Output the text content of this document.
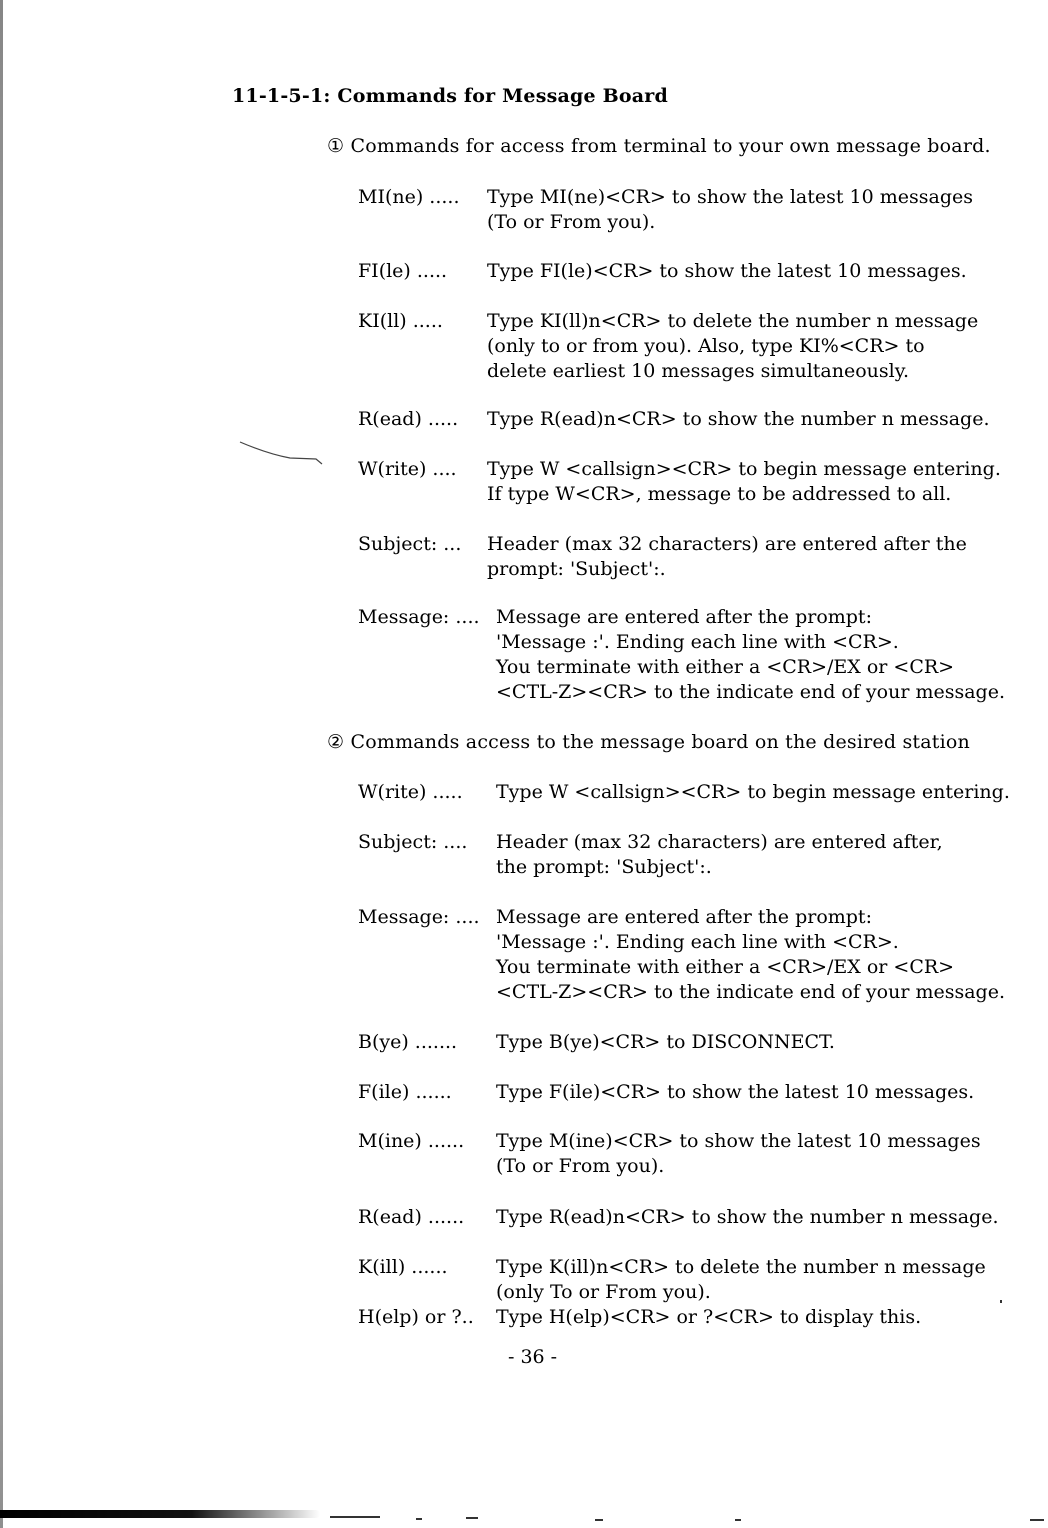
11-1-5-1: Commands for Message Board
① Commands for access from terminal to your own message board.
MI(ne) ..... Type MI(ne)<CR> to show the latest 10 messages
(To or From you).
FI(le) ..... Type FI(le)<CR> to show the latest 10 messages.
KI(ll) ..... Type KI(ll)n<CR> to delete the number n message
(only to or from you). Also, type KI%<CR> to
delete earliest 10 messages simultaneously.
R(ead) ..... Type R(ead)n<CR> to show the number n message.
W(rite) .... Type W <callsign><CR> to begin message entering.
If type W<CR>, message to be addressed to all.
Subject: ... Header (max 32 characters) are entered after the
prompt: 'Subject':.
Message: .... Message are entered after the prompt:
'Message :'. Ending each line with <CR>.
You terminate with either a <CR>/EX or <CR>
<CTL-Z><CR> to the indicate end of your message.
② Commands access to the message board on the desired station
W(rite) ..... Type W <callsign><CR> to begin message entering.
Subject: .... Header (max 32 characters) are entered after,
the prompt: 'Subject':.
Message: .... Message are entered after the prompt:
'Message :'. Ending each line with <CR>.
You terminate with either a <CR>/EX or <CR>
<CTL-Z><CR> to the indicate end of your message.
B(ye) ....... Type B(ye)<CR> to DISCONNECT.
F(ile) ...... Type F(ile)<CR> to show the latest 10 messages.
M(ine) ...... Type M(ine)<CR> to show the latest 10 messages
(To or From you).
R(ead) ...... Type R(ead)n<CR> to show the number n message.
K(ill) ......	Type K(ill)n<CR> to delete the number n message
(only To or From you).
H(elp) or ?.. Type H(elp)<CR> or ?<CR> to display this.
- 36 -
